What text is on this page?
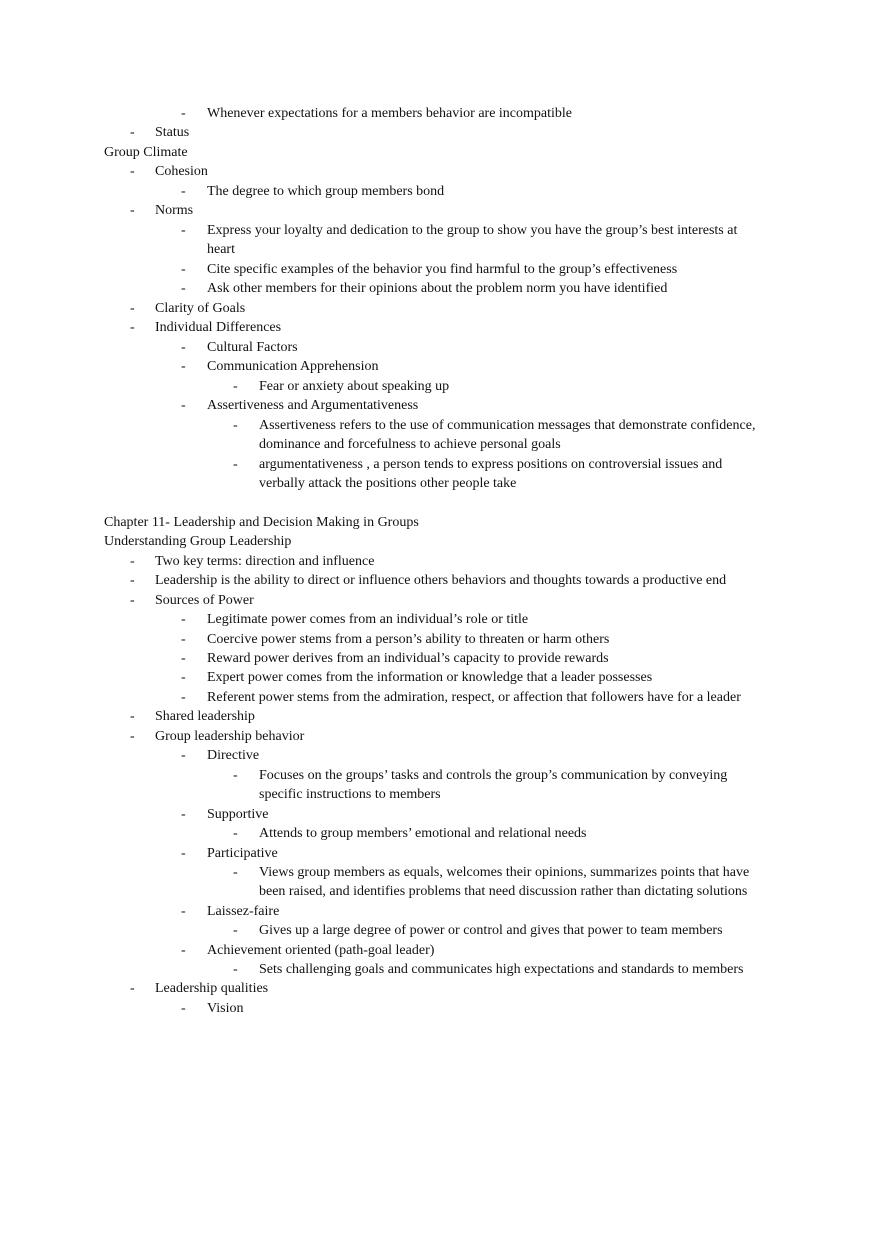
- Whenever expectations for a members behavior are incompatible
- Status
Group Climate
- Cohesion
- The degree to which group members bond
- Norms
- Express your loyalty and dedication to the group to show you have the group’s best interests at
heart
- Cite specific examples of the behavior you find harmful to the group’s effectiveness
- Ask other members for their opinions about the problem norm you have identified
- Clarity of Goals
- Individual Differences
- Cultural Factors
- Communication Apprehension
- Fear or anxiety about speaking up
- Assertiveness and Argumentativeness
- Assertiveness refers to the use of communication messages that demonstrate confidence,
dominance and forcefulness to achieve personal goals
- argumentativeness , a person tends to express positions on controversial issues and
verbally attack the positions other people take
Chapter 11- Leadership and Decision Making in Groups
Understanding Group Leadership
- Two key terms: direction and influence
- Leadership is the ability to direct or influence others behaviors and thoughts towards a productive end
- Sources of Power
- Legitimate power comes from an individual’s role or title
- Coercive power stems from a person’s ability to threaten or harm others
- Reward power derives from an individual’s capacity to provide rewards
- Expert power comes from the information or knowledge that a leader possesses
- Referent power stems from the admiration, respect, or affection that followers have for a leader
- Shared leadership
- Group leadership behavior
- Directive
- Focuses on the groups’ tasks and controls the group’s communication by conveying
specific instructions to members
- Supportive
- Attends to group members’ emotional and relational needs
- Participative
- Views group members as equals, welcomes their opinions, summarizes points that have
been raised, and identifies problems that need discussion rather than dictating solutions
- Laissez-faire
- Gives up a large degree of power or control and gives that power to team members
- Achievement oriented (path-goal leader)
- Sets challenging goals and communicates high expectations and standards to members
- Leadership qualities
- Vision
